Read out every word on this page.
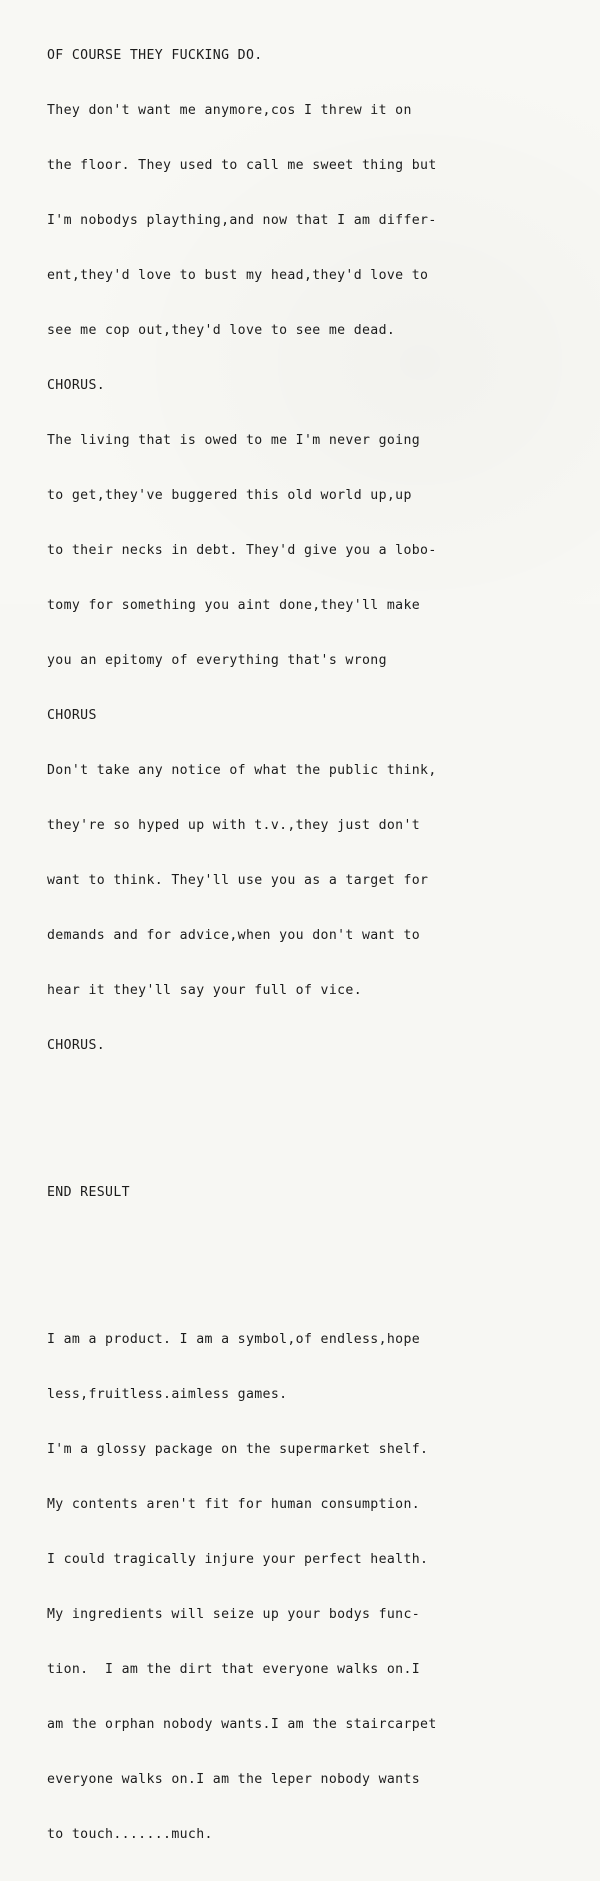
OF COURSE THEY FUCKING DO.

They don't want me anymore,cos I threw it on

the floor. They used to call me sweet thing but

I'm nobodys plaything,and now that I am differ-

ent,they'd love to bust my head,they'd love to

see me cop out,they'd love to see me dead.

CHORUS.

The living that is owed to me I'm never going

to get,they've buggered this old world up,up

to their necks in debt. They'd give you a lobo-

tomy for something you aint done,they'll make

you an epitomy of everything that's wrong

CHORUS

Don't take any notice of what the public think,

they're so hyped up with t.v.,they just don't

want to think. They'll use you as a target for

demands and for advice,when you don't want to

hear it they'll say your full of vice.

CHORUS.

END RESULT

I am a product. I am a symbol,of endless,hope

less,fruitless.aimless games.

I'm a glossy package on the supermarket shelf.

My contents aren't fit for human consumption.

I could tragically injure your perfect health.

My ingredients will seize up your bodys func-

tion.  I am the dirt that everyone walks on.I

am the orphan nobody wants.I am the staircarpet

everyone walks on.I am the leper nobody wants

to touch.......much.
